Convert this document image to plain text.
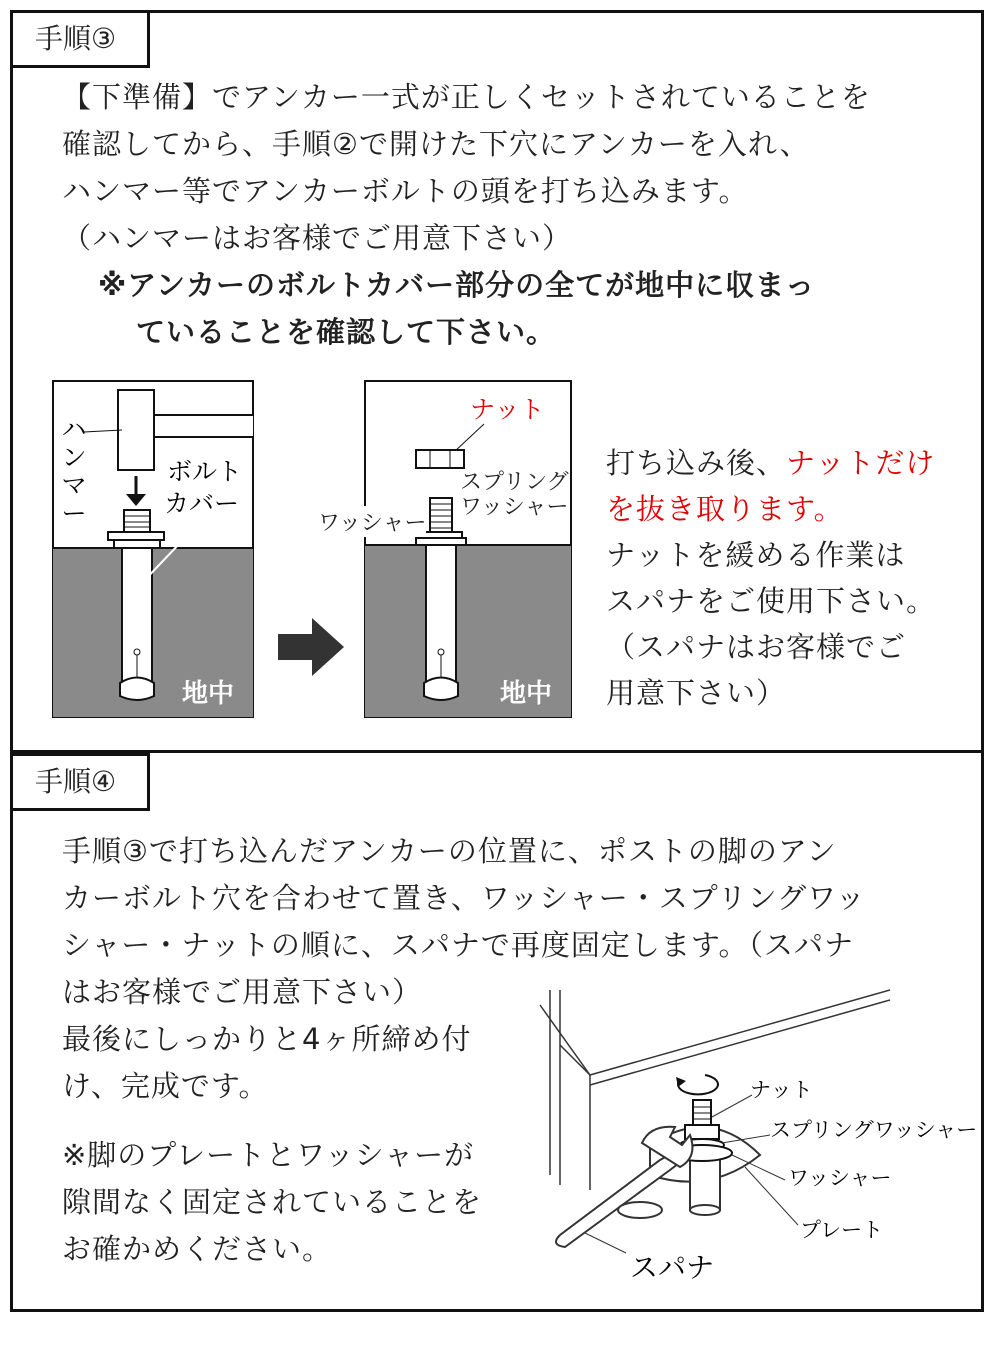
手順③
【下準備】でアンカー一式が正しくセットされていることを
確認してから、手順②で開けた下穴にアンカーを入れ、
ハンマー等でアンカーボルトの頭を打ち込みます。
（ハンマーはお客様でご用意下さい）
※アンカーのボルトカバー部分の全てが地中に収まっ
ていることを確認して下さい。
ハンマー
ボルトカバー
地中
ナット
地中
ワッシャー
スプリング
ワッシャー
打ち込み後、ナットだけ
を抜き取ります。
ナットを緩める作業は
スパナをご使用下さい。
（スパナはお客様でご
用意下さい）
手順④
手順③で打ち込んだアンカーの位置に、ポストの脚のアン
カーボルト穴を合わせて置き、ワッシャー・スプリングワッ
シャー・ナットの順に、スパナで再度固定します。（スパナ
はお客様でご用意下さい）
最後にしっかりと4ヶ所締め付
け、完成です。
※脚のプレートとワッシャーが
隙間なく固定されていることを
お確かめください。
ナット
スプリングワッシャー
ワッシャー
プレート
スパナ
